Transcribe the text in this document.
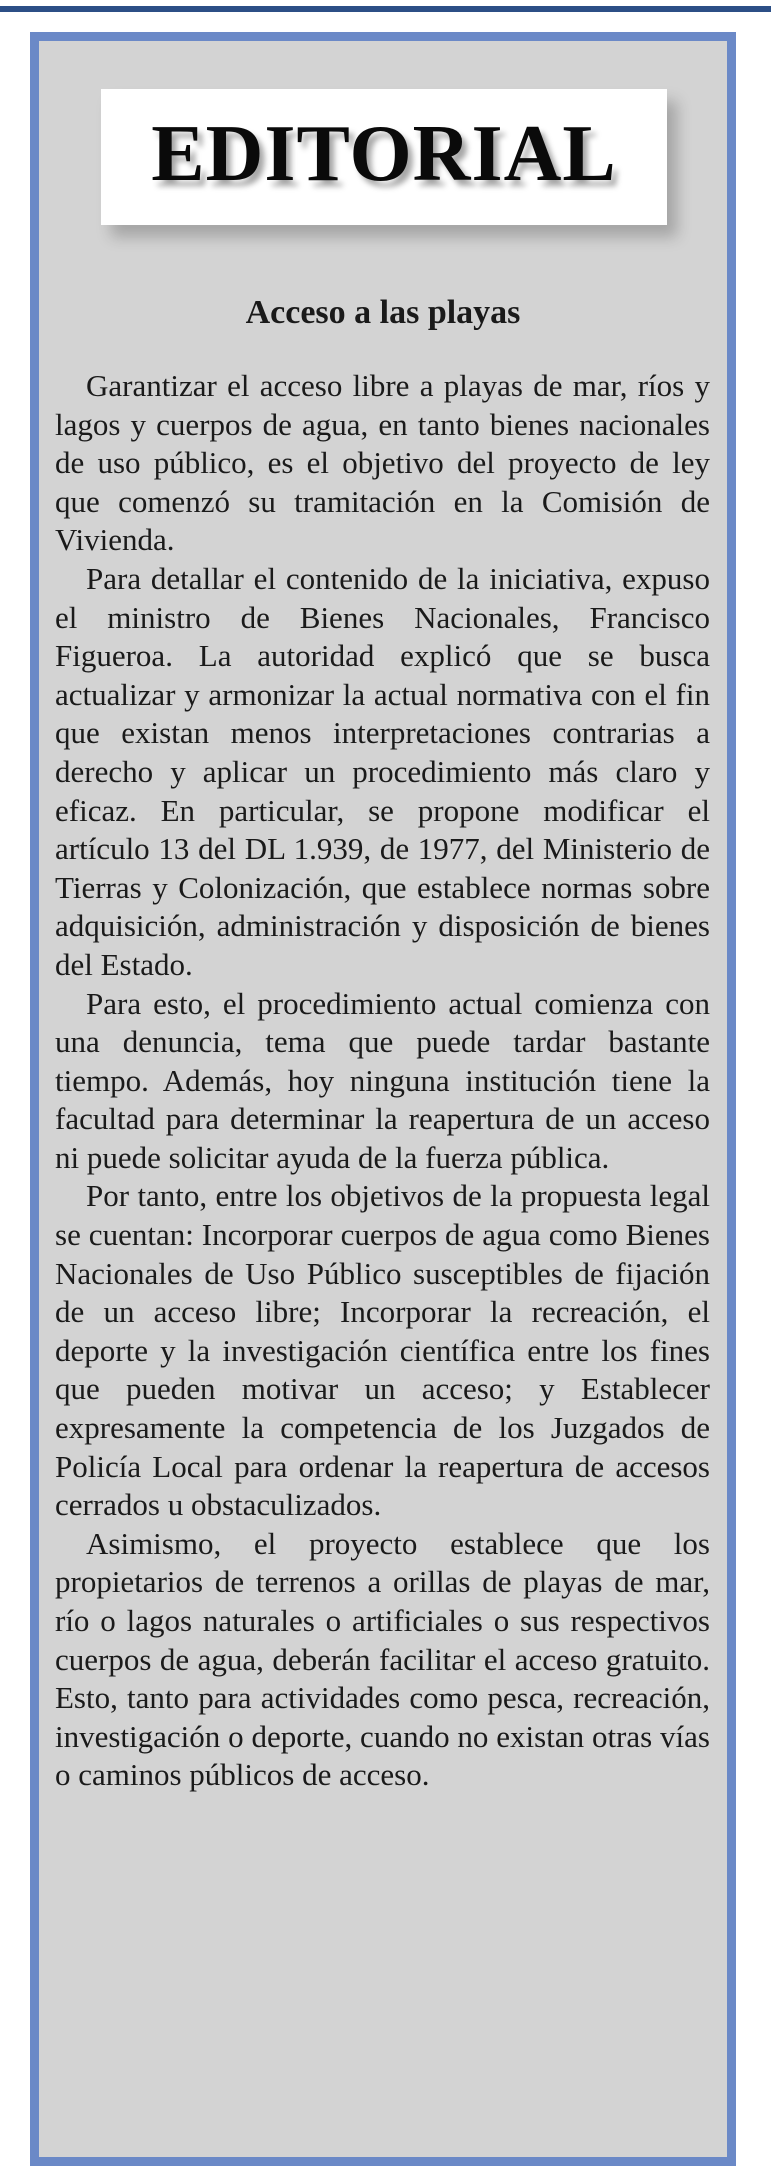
EDITORIAL
Acceso a las playas

Garantizar el acceso libre a playas de mar, ríos y lagos y cuerpos de agua, en tanto bienes nacionales de uso público, es el objetivo del proyecto de ley que comenzó su tramitación en la Comisión de Vivienda.

Para detallar el contenido de la iniciativa, expuso el ministro de Bienes Nacionales, Francisco Figueroa. La autoridad explicó que se busca actualizar y armonizar la actual normativa con el fin que existan menos interpretaciones contrarias a derecho y aplicar un procedimiento más claro y eficaz. En particular, se propone modificar el artículo 13 del DL 1.939, de 1977, del Ministerio de Tierras y Colonización, que establece normas sobre adquisición, administración y disposición de bienes del Estado.

Para esto, el procedimiento actual comienza con una denuncia, tema que puede tardar bastante tiempo. Además, hoy ninguna institución tiene la facultad para determinar la reapertura de un acceso ni puede solicitar ayuda de la fuerza pública.

Por tanto, entre los objetivos de la propuesta legal se cuentan: Incorporar cuerpos de agua como Bienes Nacionales de Uso Público susceptibles de fijación de un acceso libre; Incorporar la recreación, el deporte y la investigación científica entre los fines que pueden motivar un acceso; y Establecer expresamente la competencia de los Juzgados de Policía Local para ordenar la reapertura de accesos cerrados u obstaculizados.

Asimismo, el proyecto establece que los propietarios de terrenos a orillas de playas de mar, río o lagos naturales o artificiales o sus respectivos cuerpos de agua, deberán facilitar el acceso gratuito. Esto, tanto para actividades como pesca, recreación, investigación o deporte, cuando no existan otras vías o caminos públicos de acceso.
